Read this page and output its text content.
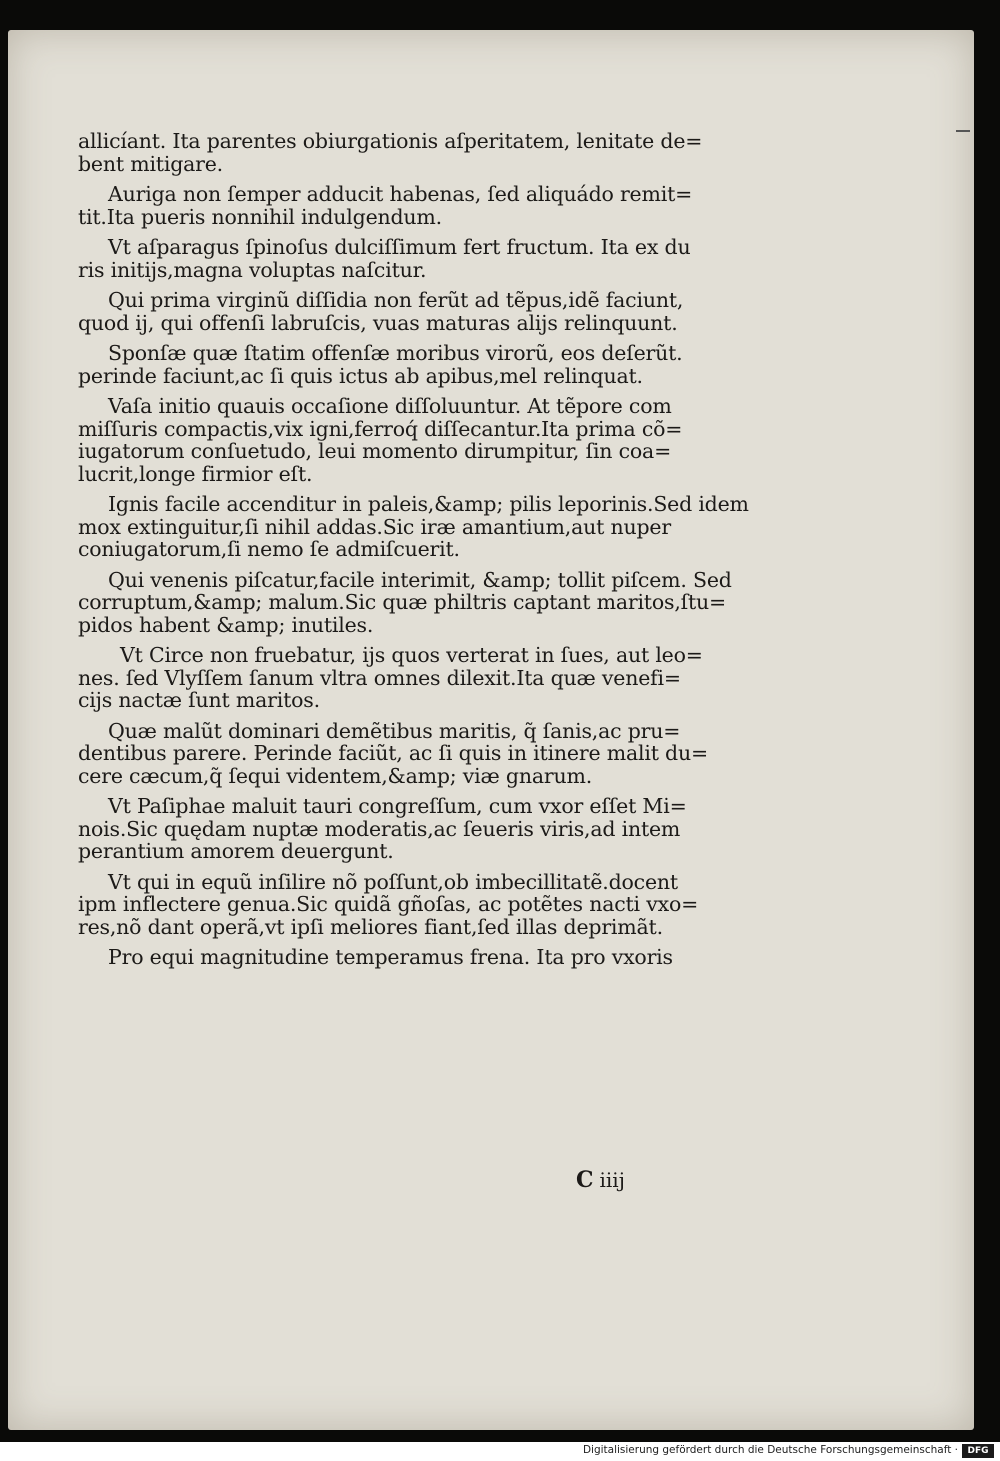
allicíant. Ita parentes obiurgationis aſperitatem, lenitate de=
bent mitigare.

Auriga non ſemper adducit habenas, ſed aliquádo remit=
tit.Ita pueris nonnihil indulgendum.

Vt aſparagus ſpinoſus dulciſſimum fert fructum. Ita ex du
ris initijs,magna voluptas naſcitur.

Qui prima virginũ diſſidia non ferũt ad tẽpus,idẽ faciunt,
quod ij, qui offenſi labruſcis, vuas maturas alijs relinquunt.

Sponſæ quæ ſtatim offenſæ moribus virorũ, eos deſerũt.
perinde faciunt,ac ſi quis ictus ab apibus,mel relinquat.

Vaſa initio quauis occaſione diſſoluuntur. At tẽpore com
miſſuris compactis,vix igni,ferroq́ diſſecantur.Ita prima cõ=
iugatorum conſuetudo, leui momento dirumpitur, ſin coa=
lucrit,longe firmior eſt.

Ignis facile accenditur in paleis,&amp; pilis leporinis.Sed idem
mox extinguitur,ſi nihil addas.Sic iræ amantium,aut nuper
coniugatorum,ſi nemo ſe admiſcuerit.

Qui venenis piſcatur,facile interimit, &amp; tollit piſcem. Sed
corruptum,&amp; malum.Sic quæ philtris captant maritos,ſtu=
pidos habent &amp; inutiles.

Vt Circe non fruebatur, ijs quos verterat in ſues, aut leo=
nes. ſed Vlyſſem ſanum vltra omnes dilexit.Ita quæ venefi=
cijs nactæ ſunt maritos.

Quæ malũt dominari demẽtibus maritis, q̃ ſanis,ac pru=
dentibus parere. Perinde faciũt, ac ſi quis in itinere malit du=
cere cæcum,q̃ ſequi videntem,&amp; viæ gnarum.

Vt Paſiphae maluit tauri congreſſum, cum vxor eſſet Mi=
nois.Sic quędam nuptæ moderatis,ac ſeueris viris,ad intem
perantium amorem deuergunt.

Vt qui in equũ inſilire nõ poſſunt,ob imbecillitatẽ.docent
ipm inflectere genua.Sic quidã gñoſas, ac potẽtes nacti vxo=
res,nõ dant operã,vt ipſi meliores fiant,ſed illas deprimãt.

Pro equi magnitudine temperamus frena. Ita pro vxoris

C iiij
Digitalisierung gefördert durch die Deutsche Forschungsgemeinschaft ·	DFG
